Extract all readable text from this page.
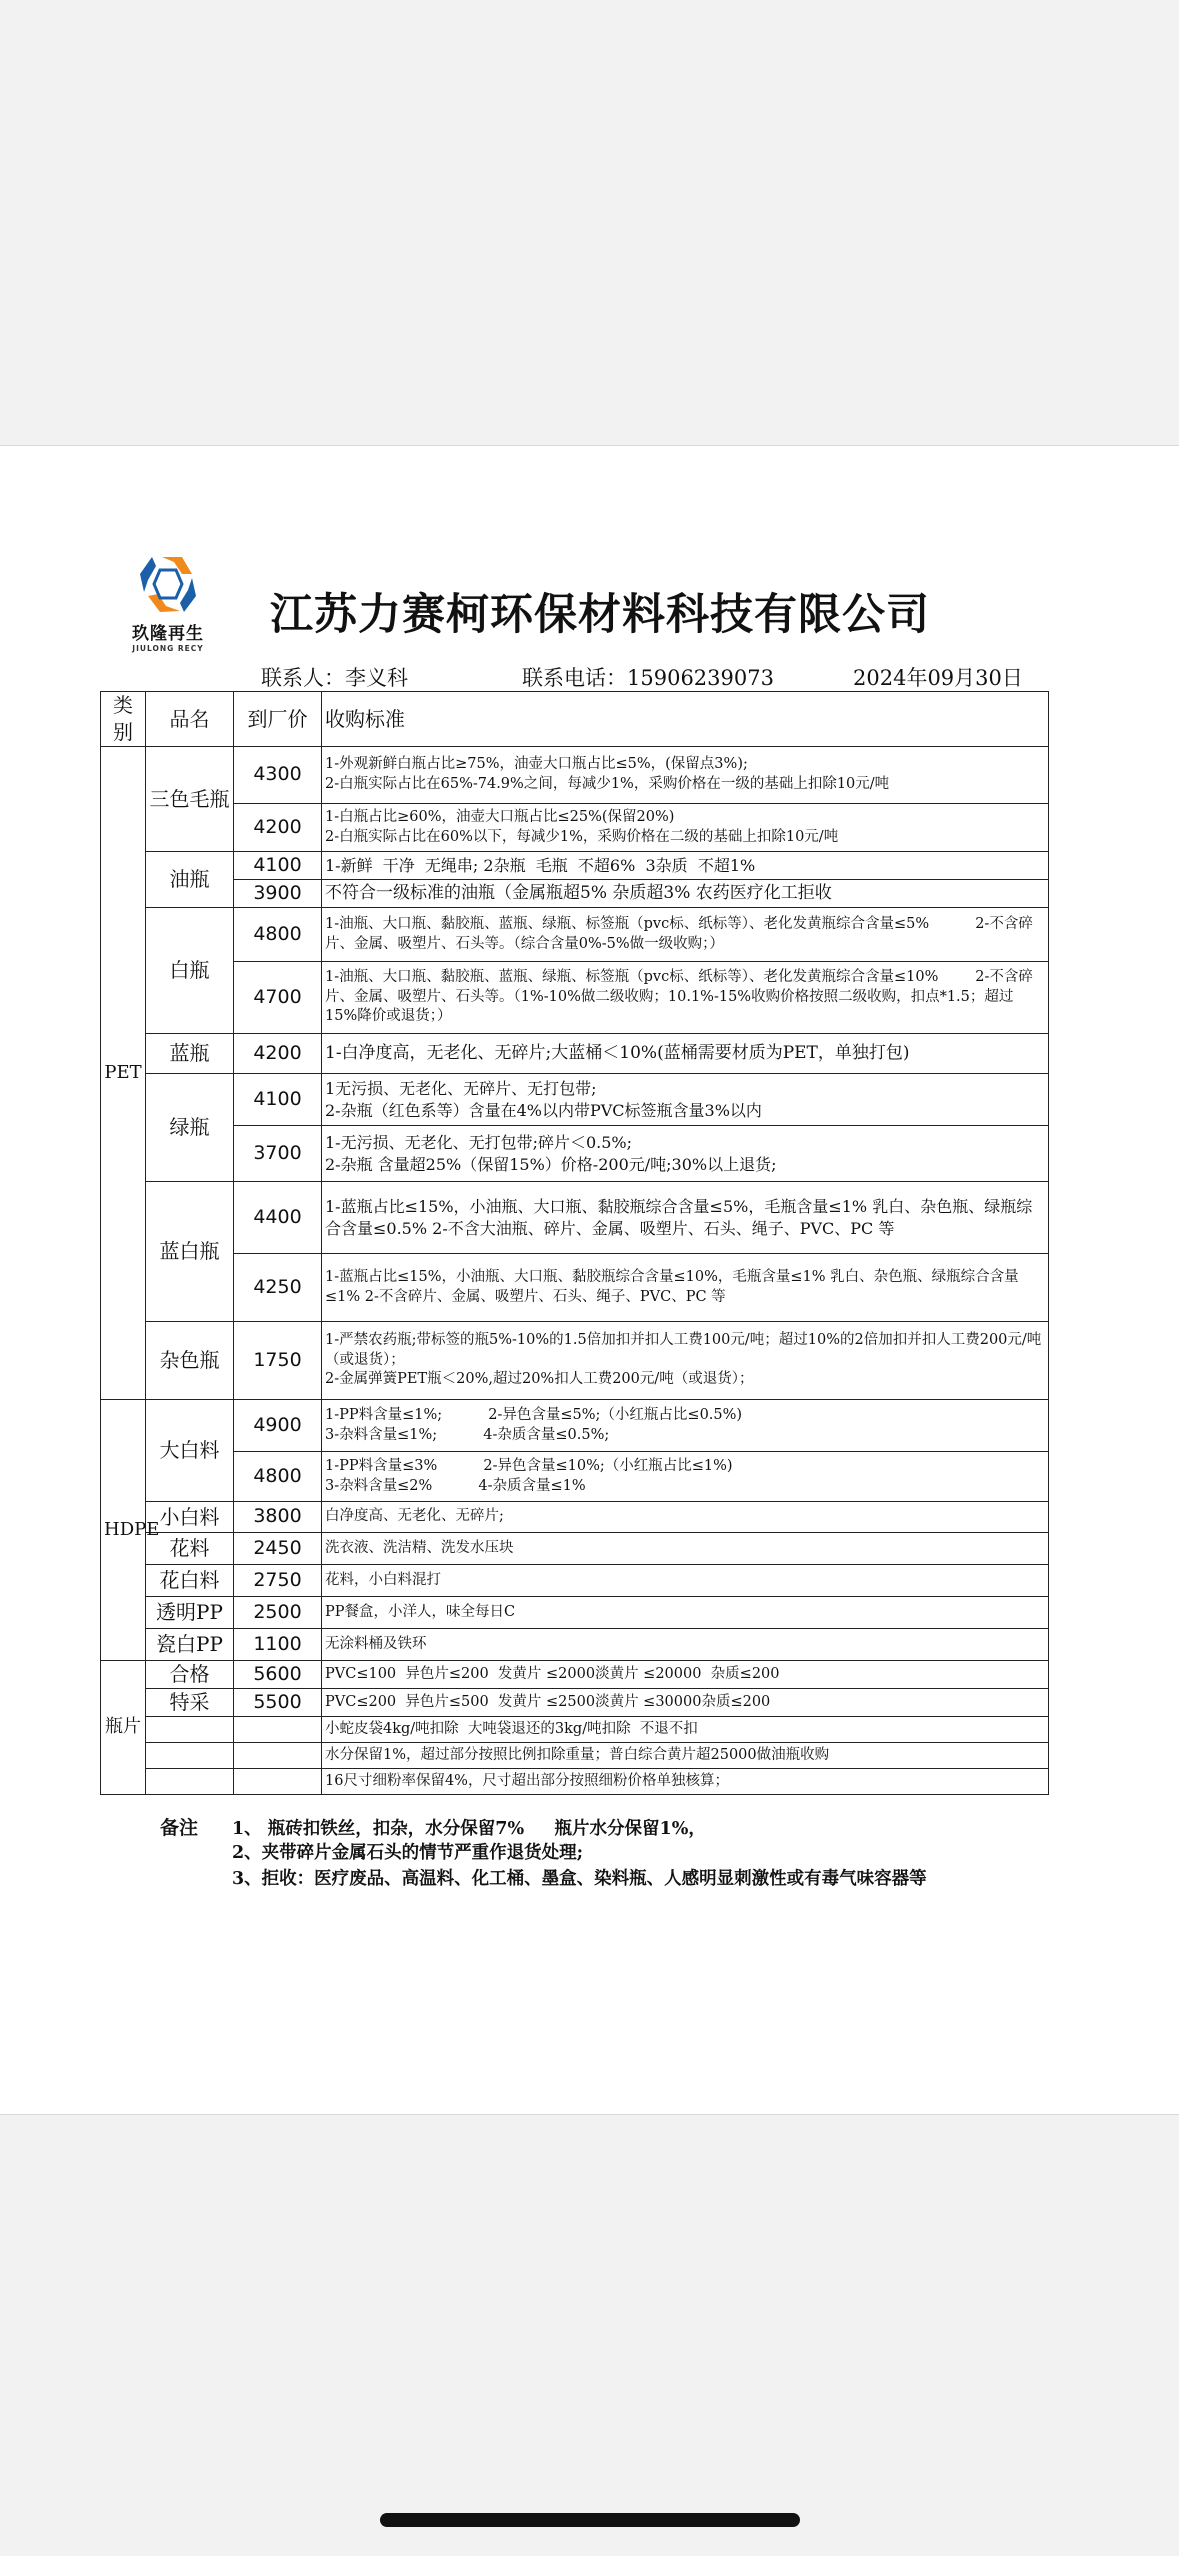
玖隆再生
JIULONG RECY
江苏力赛柯环保材料科技有限公司
联系人：李义科	联系电话：15906239073	2024年09月30日
类别	品名	到厂价	收购标准
PET	三色毛瓶	4300	1-外观新鲜白瓶占比≥75%，油壶大口瓶占比≤5%，(保留点3%);
2-白瓶实际占比在65%-74.9%之间，每减少1%，采购价格在一级的基础上扣除10元/吨
		4200	1-白瓶占比≥60%，油壶大口瓶占比≤25%(保留20%)
2-白瓶实际占比在60%以下，每减少1%，采购价格在二级的基础上扣除10元/吨
	油瓶	4100	1-新鲜  干净  无绳串; 2杂瓶  毛瓶  不超6%  3杂质  不超1%
		3900	不符合一级标准的油瓶（金属瓶超5% 杂质超3% 农药医疗化工拒收
	白瓶	4800	1-油瓶、大口瓶、黏胶瓶、蓝瓶、绿瓶、标签瓶（pvc标、纸标等）、老化发黄瓶综合含量≤5%          2-不含碎片、金属、吸塑片、石头等。（综合含量0%-5%做一级收购；）
		4700	1-油瓶、大口瓶、黏胶瓶、蓝瓶、绿瓶、标签瓶（pvc标、纸标等）、老化发黄瓶综合含量≤10%        2-不含碎片、金属、吸塑片、石头等。（1%-10%做二级收购；10.1%-15%收购价格按照二级收购，扣点*1.5；超过15%降价或退货；）
	蓝瓶	4200	1-白净度高，无老化、无碎片;大蓝桶＜10%(蓝桶需要材质为PET，单独打包)
	绿瓶	4100	1无污损、无老化、无碎片、无打包带;
2-杂瓶（红色系等）含量在4%以内带PVC标签瓶含量3%以内
		3700	1-无污损、无老化、无打包带;碎片＜0.5%;
2-杂瓶 含量超25%（保留15%）价格-200元/吨;30%以上退货;
	蓝白瓶	4400	1-蓝瓶占比≤15%，小油瓶、大口瓶、黏胶瓶综合含量≤5%，毛瓶含量≤1% 乳白、杂色瓶、绿瓶综合含量≤0.5% 2-不含大油瓶、碎片、金属、吸塑片、石头、绳子、PVC、PC 等
		4250	1-蓝瓶占比≤15%，小油瓶、大口瓶、黏胶瓶综合含量≤10%，毛瓶含量≤1% 乳白、杂色瓶、绿瓶综合含量≤1% 2-不含碎片、金属、吸塑片、石头、绳子、PVC、PC 等
	杂色瓶	1750	1-严禁农药瓶;带标签的瓶5%-10%的1.5倍加扣并扣人工费100元/吨；超过10%的2倍加扣并扣人工费200元/吨（或退货）；
2-金属弹簧PET瓶＜20%,超过20%扣人工费200元/吨（或退货）；
HDPE	大白料	4900	1-PP料含量≤1%;          2-异色含量≤5%;（小红瓶占比≤0.5%)
3-杂料含量≤1%;          4-杂质含量≤0.5%;
		4800	1-PP料含量≤3%          2-异色含量≤10%;（小红瓶占比≤1%)
3-杂料含量≤2%          4-杂质含量≤1%
	小白料	3800	白净度高、无老化、无碎片;
	花料	2450	洗衣液、洗洁精、洗发水压块
	花白料	2750	花料，小白料混打
	透明PP	2500	PP餐盒，小洋人，味全每日C
	瓷白PP	1100	无涂料桶及铁环
瓶片	合格	5600	PVC≤100  异色片≤200  发黄片 ≤2000淡黄片 ≤20000  杂质≤200
	特采	5500	PVC≤200  异色片≤500  发黄片 ≤2500淡黄片 ≤30000杂质≤200
			小蛇皮袋4kg/吨扣除  大吨袋退还的3kg/吨扣除  不退不扣
			水分保留1%，超过部分按照比例扣除重量；普白综合黄片超25000做油瓶收购
			16尺寸细粉率保留4%，尺寸超出部分按照细粉价格单独核算；
备注 1、 瓶砖扣铁丝，扣杂，水分保留7%     瓶片水分保留1%，
2、夹带碎片金属石头的情节严重作退货处理;
3、拒收：医疗废品、高温料、化工桶、墨盒、染料瓶、人感明显刺激性或有毒气味容器等
